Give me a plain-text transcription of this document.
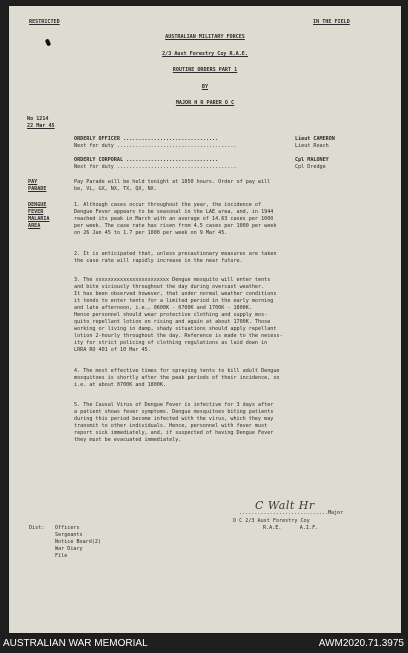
RESTRICTED	IN THE FIELD
AUSTRALIAN MILITARY FORCES
2/3 Aust Forestry Coy R.A.E.
ROUTINE ORDERS PART 1
BY
MAJOR H R PARER O C
No 1214
22 Mar 45
ORDERLY OFFICER ...............................	Lieut CAMERON
Next for duty .......................................	Lieut Roach
ORDERLY CORPORAL ..............................	Cpl MALONEY
Next for duty .......................................	Cpl Dredge
PAY
PARADE
Pay Parade will be held tonight at 1850 hours. Order of pay will
be, VL, GX, NX, TX, QX, NX.
DENGUE
FEVER
MALARIA
AREA
1. Although cases occur throughout the year, the incidence of
Dengue Fever appears to be seasonal in the LAE area, and, in 1944
reached its peak in March with an average of 14.63 cases per 1000
per week. The case rate has risen from 4.5 cases per 1000 per week
on 26 Jan 45 to 1.7 per 1000 per week on 9 Mar 45.
2. It is anticipated that, unless precautionary measures are taken
the case rate will rapidly increase in the near future.
3. The xxxxxxxxxxxxxxxxxxxxxxxx Dengue mosquito will enter tents
and bite viciously throughout the day during overcast weather.
It has been observed however, that under normal weather conditions
it tends to enter tents for a limited period in the early morning
and late afternoon, i.e., 0600K - 0700K and 1700K - 1800K.
Hence personnel should wear protective clothing and supply mos-
quito repellant lotion on rising and again at about 1700K. Those
working or living in damp, shady situations should apply repellant
lotion 2-hourly throughout the day. Reference is made to the necess-
ity for strict policing of clothing regulations as laid down in
LRRA RO 401 of 10 Mar 45.
4. The most effective times for spraying tents to kill adult Dengue
mosquitoes is shortly after the peak periods of their incidence, xx
i.e. at about 0700K and 1800K.
5. The Causal Virus of Dengue Fever is infective for 3 days after
a patient shows fever symptoms. Dengue mosquitoes biting patients
during this period become infected with the virus, which they may
transmit to other individuals. Hence, personnel with fever must
report sick immediately, and, if suspected of having Dengue Fever
they must be evacuated immediately.
C Walt Hr
.............................Major
O C 2/3 Aust Forestry Coy
R.A.E.      A.I.F.
Dist: Officers
Sergeants
Notice Board(2)
War Diary
File
AUSTRALIAN WAR MEMORIAL	AWM2020.71.3975
